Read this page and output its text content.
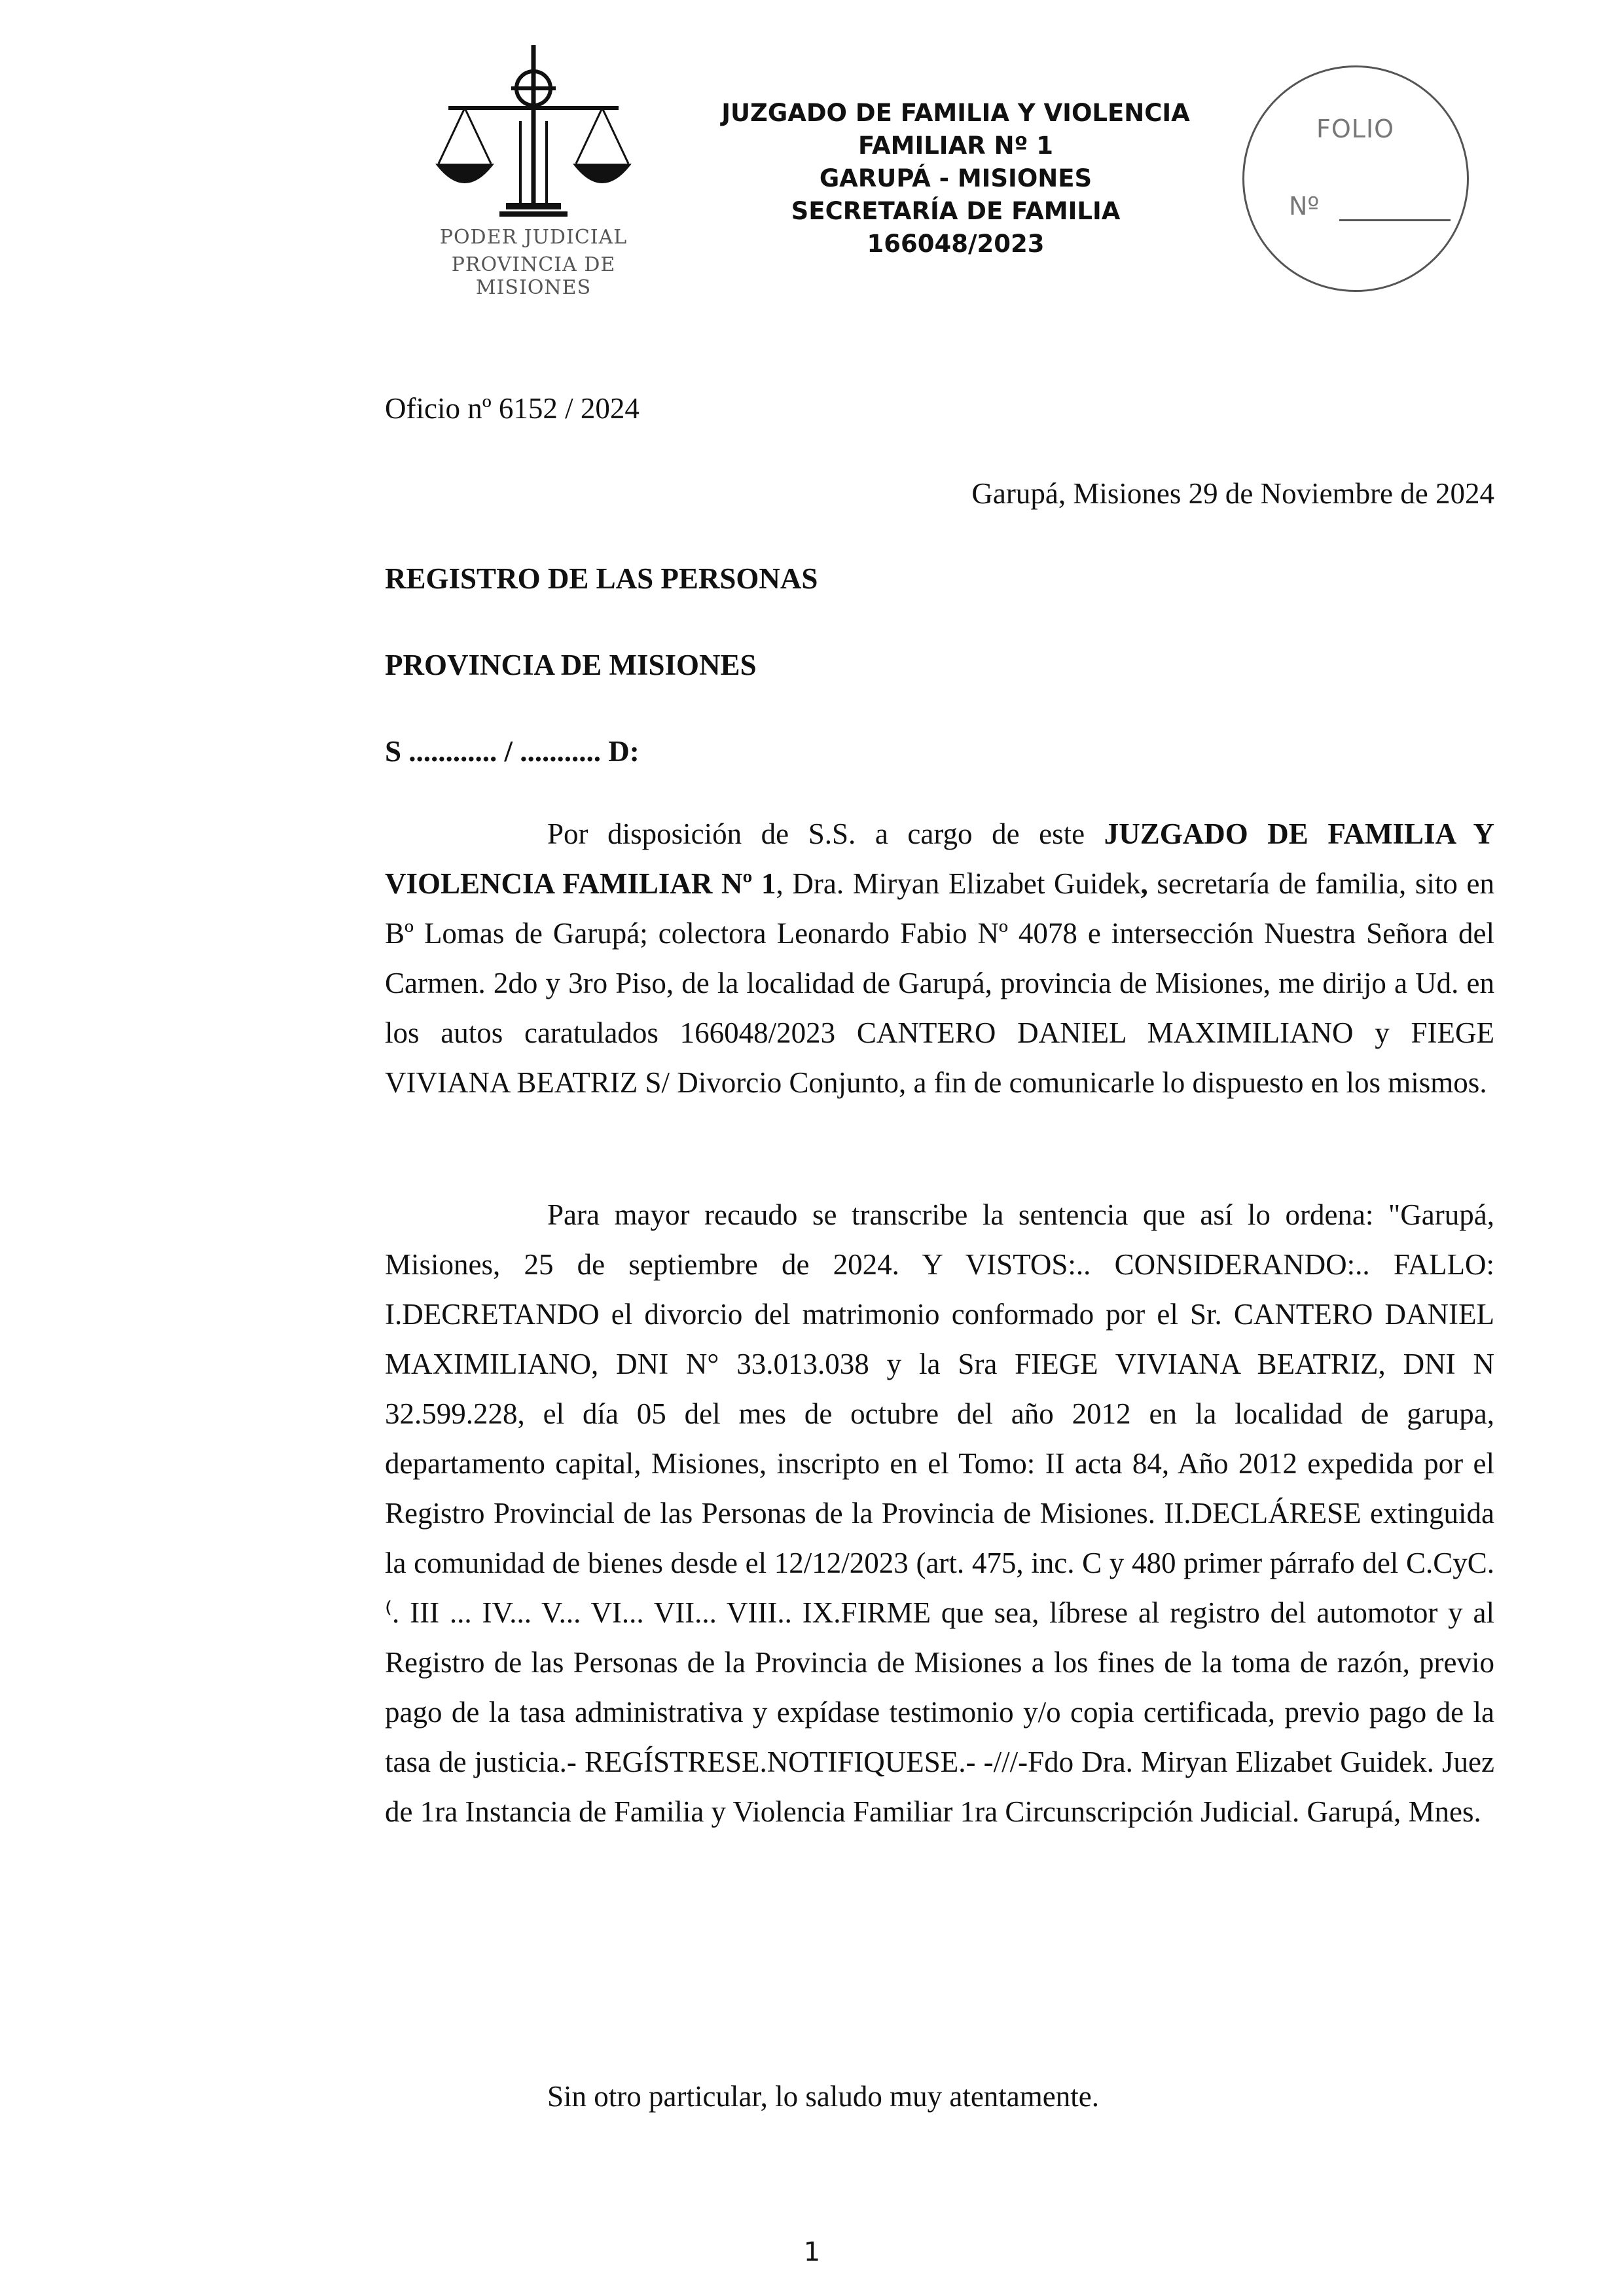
PODER JUDICIAL
PROVINCIA DE MISIONES
JUZGADO DE FAMILIA Y VIOLENCIA
FAMILIAR Nº 1
GARUPÁ - MISIONES
SECRETARÍA DE FAMILIA
166048/2023
FOLIO
Nº
Oficio nº 6152 / 2024
Garupá, Misiones 29 de Noviembre de 2024
REGISTRO DE LAS PERSONAS
PROVINCIA DE MISIONES
S ............ / ........... D:

Por disposición de S.S. a cargo de este JUZGADO DE FAMILIA Y VIOLENCIA FAMILIAR Nº 1, Dra. Miryan Elizabet Guidek, secretaría de familia, sito en Bº Lomas de Garupá; colectora Leonardo Fabio Nº 4078 e intersección Nuestra Señora del Carmen. 2do y 3ro Piso, de la localidad de Garupá, provincia de Misiones, me dirijo a Ud. en los autos caratulados 166048/2023 CANTERO DANIEL MAXIMILIANO y FIEGE VIVIANA BEATRIZ S/ Divorcio Conjunto, a fin de comunicarle lo dispuesto en los mismos.

Para mayor recaudo se transcribe la sentencia que así lo ordena: "Garupá, Misiones, 25 de septiembre de 2024. Y VISTOS:.. CONSIDERANDO:.. FALLO: I.DECRETANDO el divorcio del matrimonio conformado por el Sr. CANTERO DANIEL MAXIMILIANO, DNI N° 33.013.038 y la Sra FIEGE VIVIANA BEATRIZ, DNI N 32.599.228, el día 05 del mes de octubre del año 2012 en la localidad de garupa, departamento capital, Misiones, inscripto en el Tomo: II acta 84, Año 2012 expedida por el Registro Provincial de las Personas de la Provincia de Misiones. II.DECLÁRESE extinguida la comunidad de bienes desde el 12/12/2023 (art. 475, inc. C y 480 primer párrafo del C.CyC. ⁽. III ... IV... V... VI... VII... VIII.. IX.FIRME que sea, líbrese al registro del automotor y al Registro de las Personas de la Provincia de Misiones a los fines de la toma de razón, previo pago de la tasa administrativa y expídase testimonio y/o copia certificada, previo pago de la tasa de justicia.- REGÍSTRESE.NOTIFIQUESE.- -///-Fdo Dra. Miryan Elizabet Guidek. Juez de 1ra Instancia de Familia y Violencia Familiar 1ra Circunscripción Judicial. Garupá, Mnes.

Sin otro particular, lo saludo muy atentamente.
1
